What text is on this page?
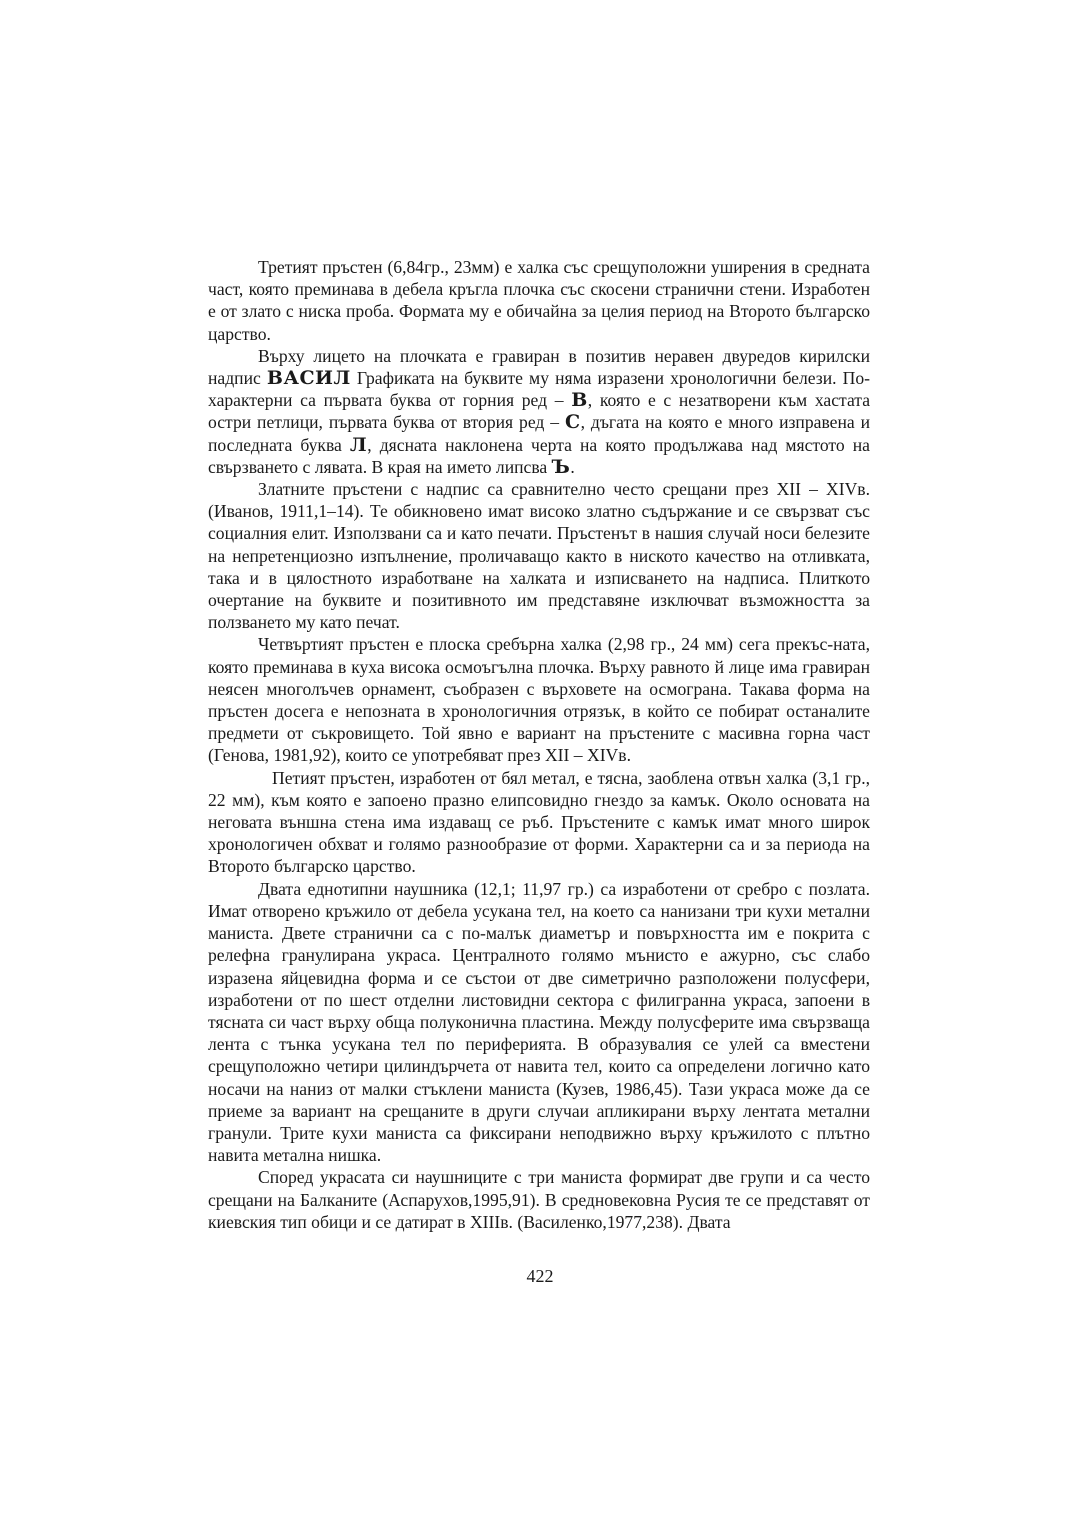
Третият пръстен (6,84гр., 23мм) е халка със срещуположни уширения в средната част, която преминава в дебела кръгла плочка със скосени странични стени. Изработен е от злато с ниска проба. Формата му е обичайна за целия период на Второто българско царство.

Върху лицето на плочката е гравиран в позитив неравен двуредов кирилски надпис ВАСИЛ Графиката на буквите му няма изразени хронологични белези. По-характерни са първата буква от горния ред – В, която е с незатворени към хастата остри петлици, първата буква от втория ред – С, дъгата на която е много изправена и последната буква Л, дясната наклонена черта на която продължава над мястото на свързването с лявата. В края на името липсва Ъ.

Златните пръстени с надпис са сравнително често срещани през XII – XIVв. (Иванов, 1911,1–14). Те обикновено имат високо златно съдържание и се свързват със социалния елит. Използвани са и като печати. Пръстенът в нашия случай носи белезите на непретенциозно изпълнение, проличаващо както в ниското качество на отливката, така и в цялостното изработване на халката и изписването на надписа. Плиткото очертание на буквите и позитивното им представяне изключват възможността за ползването му като печат.

Четвъртият пръстен е плоска сребърна халка (2,98 гр., 24 мм) сега прекъс-ната, която преминава в куха висока осмоъгълна плочка. Върху равното й лице има гравиран неясен многолъчев орнамент, съобразен с върховете на осмограна. Такава форма на пръстен досега е непозната в хронологичния отрязък, в който се побират останалите предмети от съкровището. Той явно е вариант на пръстените с масивна горна част (Генова, 1981,92), които се употребяват през XII – XIVв.

Петият пръстен, изработен от бял метал, е тясна, заоблена отвън халка (3,1 гр., 22 мм), към която е запоено празно елипсовидно гнездо за камък. Около основата на неговата външна стена има издаващ се ръб. Пръстените с камък имат много широк хронологичен обхват и голямо разнообразие от форми. Характерни са и за периода на Второто българско царство.

Двата еднотипни наушника (12,1; 11,97 гр.) са изработени от сребро с позлата. Имат отворено кръжило от дебела усукана тел, на което са нанизани три кухи метални маниста. Двете странични са с по-малък диаметър и повърхността им е покрита с релефна гранулирана украса. Централното голямо мънисто е ажурно, със слабо изразена яйцевидна форма и се състои от две симетрично разположени полусфери, изработени от по шест отделни листовидни сектора с филигранна украса, запоени в тясната си част върху обща полуконична пластина. Между полусферите има свързваща лента с тънка усукана тел по периферията. В образувалия се улей са вместени срещуположно четири цилиндърчета от навита тел, които са определени логично като носачи на наниз от малки стъклени маниста (Кузев, 1986,45). Тази украса може да се приеме за вариант на срещаните в други случаи апликирани върху лентата метални гранули. Трите кухи маниста са фиксирани неподвижно върху кръжилото с плътно навита метална нишка.

Според украсата си наушниците с три маниста формират две групи и са често срещани на Балканите (Аспарухов,1995,91). В средновековна Русия те се представят от киевския тип обици и се датират в XIIIв. (Василенко,1977,238). Двата

422
